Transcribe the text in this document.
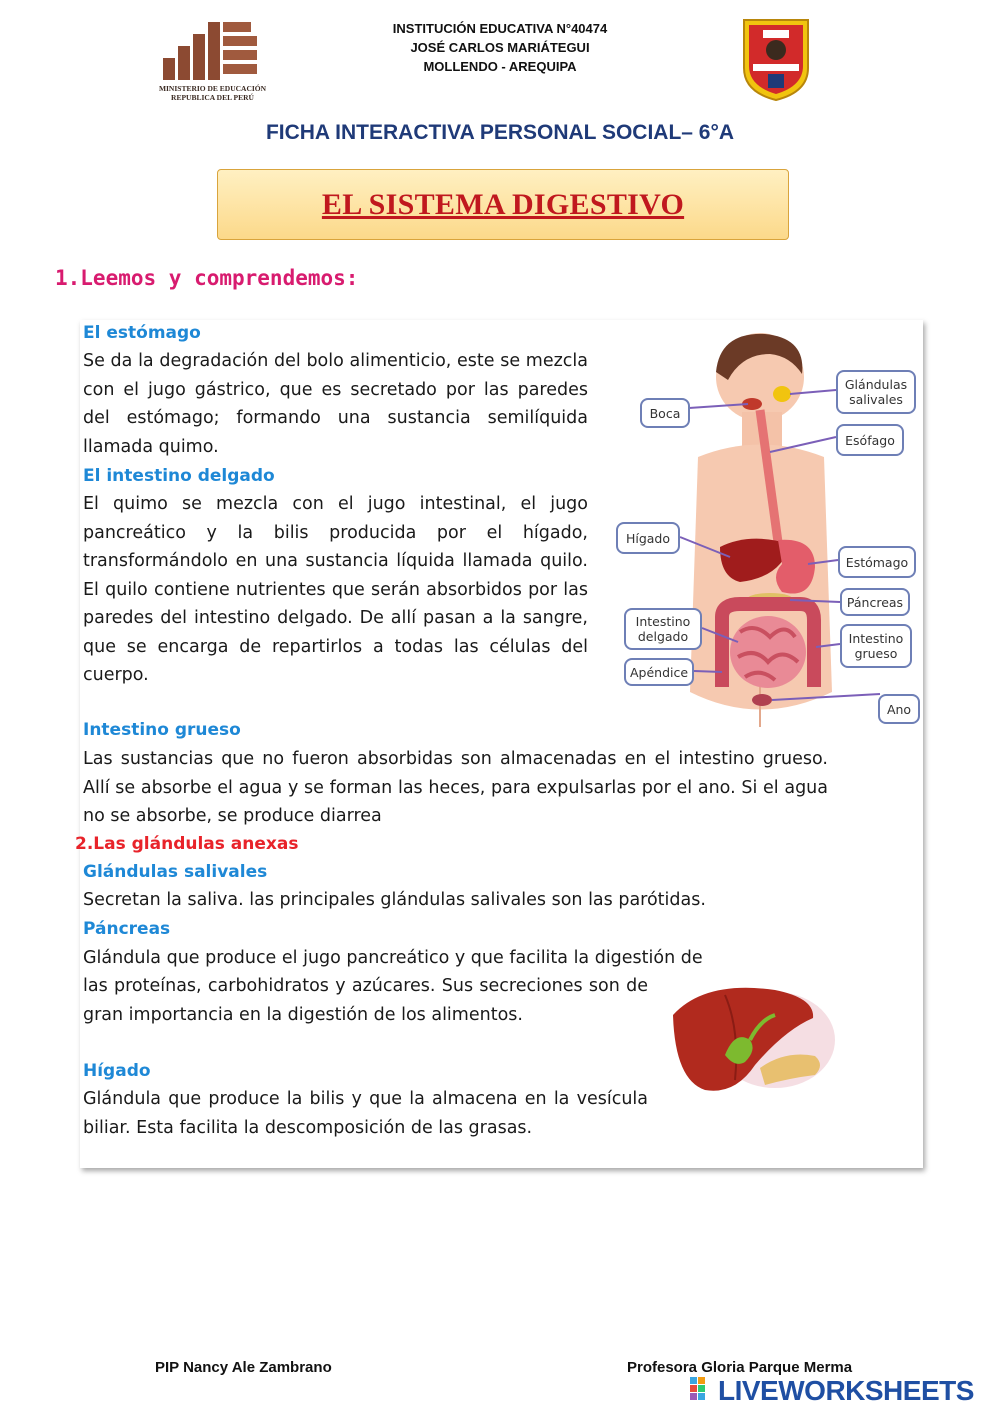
MINISTERIO DE EDUCACIÓN
REPUBLICA DEL PERÚ
INSTITUCIÓN EDUCATIVA N°40474
JOSÉ CARLOS MARIÁTEGUI
MOLLENDO - AREQUIPA
FICHA INTERACTIVA PERSONAL SOCIAL– 6°A
EL SISTEMA DIGESTIVO
1.Leemos y comprendemos:
El estómago
Se da la degradación del bolo alimenticio, este se mezcla con el jugo gástrico, que es secretado por las paredes del estómago; formando una sustancia semilíquida llamada quimo.
El intestino delgado
El quimo se mezcla con el jugo intestinal, el jugo pancreático y la bilis producida por el hígado, transformándolo en una sustancia líquida llamada quilo. El quilo contiene nutrientes que serán absorbidos por las paredes del intestino delgado. De allí pasan a la sangre, que se encarga de repartirlos a todas las células del cuerpo.
Intestino grueso
Las sustancias que no fueron absorbidas son almacenadas en el intestino grueso. Allí se absorbe el agua y se forman las heces, para expulsarlas por el ano. Si el agua no se absorbe, se produce diarrea
2.Las glándulas anexas
Glándulas salivales
Secretan la saliva. las principales glándulas salivales son las parótidas.
Páncreas
Glándula que produce el jugo pancreático y que facilita la digestión de
las proteínas, carbohidratos y azúcares. Sus secreciones son de gran importancia en la digestión de los alimentos.
Hígado
Glándula que produce la bilis y que la almacena en la vesícula biliar. Esta facilita la descomposición de las grasas.
Boca
Glándulas salivales
Esófago
Hígado
Estómago
Páncreas
Intestino delgado	Intestino grueso
Apéndice
Ano
PIP Nancy Ale Zambrano	Profesora Gloria Parque Merma
LIVEWORKSHEETS
